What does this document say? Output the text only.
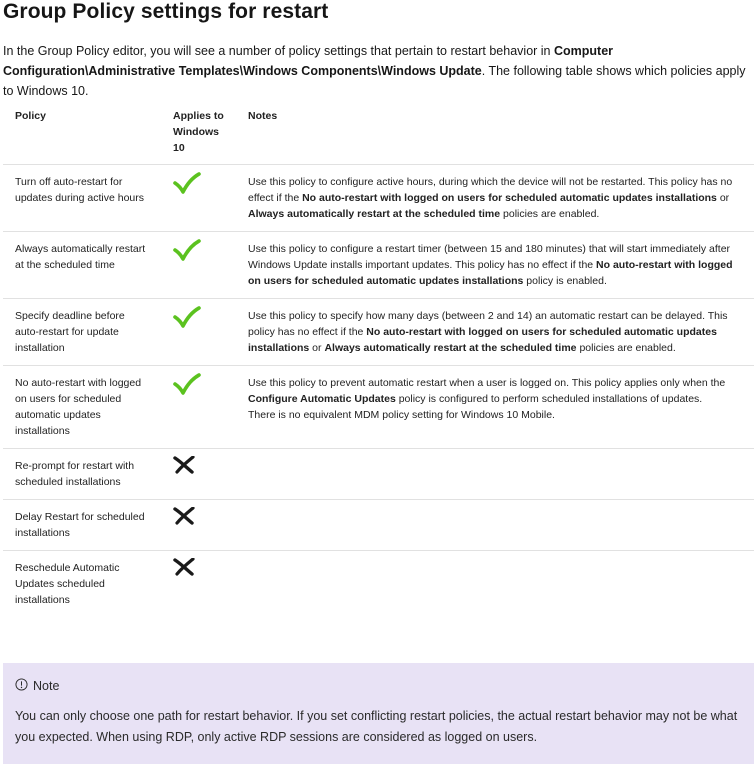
Group Policy settings for restart

In the Group Policy editor, you will see a number of policy settings that pertain to restart behavior in Computer Configuration\Administrative Templates\Windows Components\Windows Update. The following table shows which policies apply to Windows 10.

Policy	Applies to Windows 10	Notes
Turn off auto-restart for updates during active hours		Use this policy to configure active hours, during which the device will not be restarted. This policy has no effect if the No auto-restart with logged on users for scheduled automatic updates installations or Always automatically restart at the scheduled time policies are enabled.

Always automatically restart at the scheduled time		Use this policy to configure a restart timer (between 15 and 180 minutes) that will start immediately after Windows Update installs important updates. This policy has no effect if the No auto-restart with logged on users for scheduled automatic updates installations policy is enabled.

Specify deadline before auto-restart for update installation		Use this policy to specify how many days (between 2 and 14) an automatic restart can be delayed. This policy has no effect if the No auto-restart with logged on users for scheduled automatic updates installations or Always automatically restart at the scheduled time policies are enabled.

No auto-restart with logged on users for scheduled automatic updates installations		Use this policy to prevent automatic restart when a user is logged on. This policy applies only when the Configure Automatic Updates policy is configured to perform scheduled installations of updates.
There is no equivalent MDM policy setting for Windows 10 Mobile.

Re-prompt for restart with scheduled installations		

Delay Restart for scheduled installations		

Reschedule Automatic Updates scheduled installations		
Note
You can only choose one path for restart behavior. If you set conflicting restart policies, the actual restart behavior may not be what you expected. When using RDP, only active RDP sessions are considered as logged on users.
